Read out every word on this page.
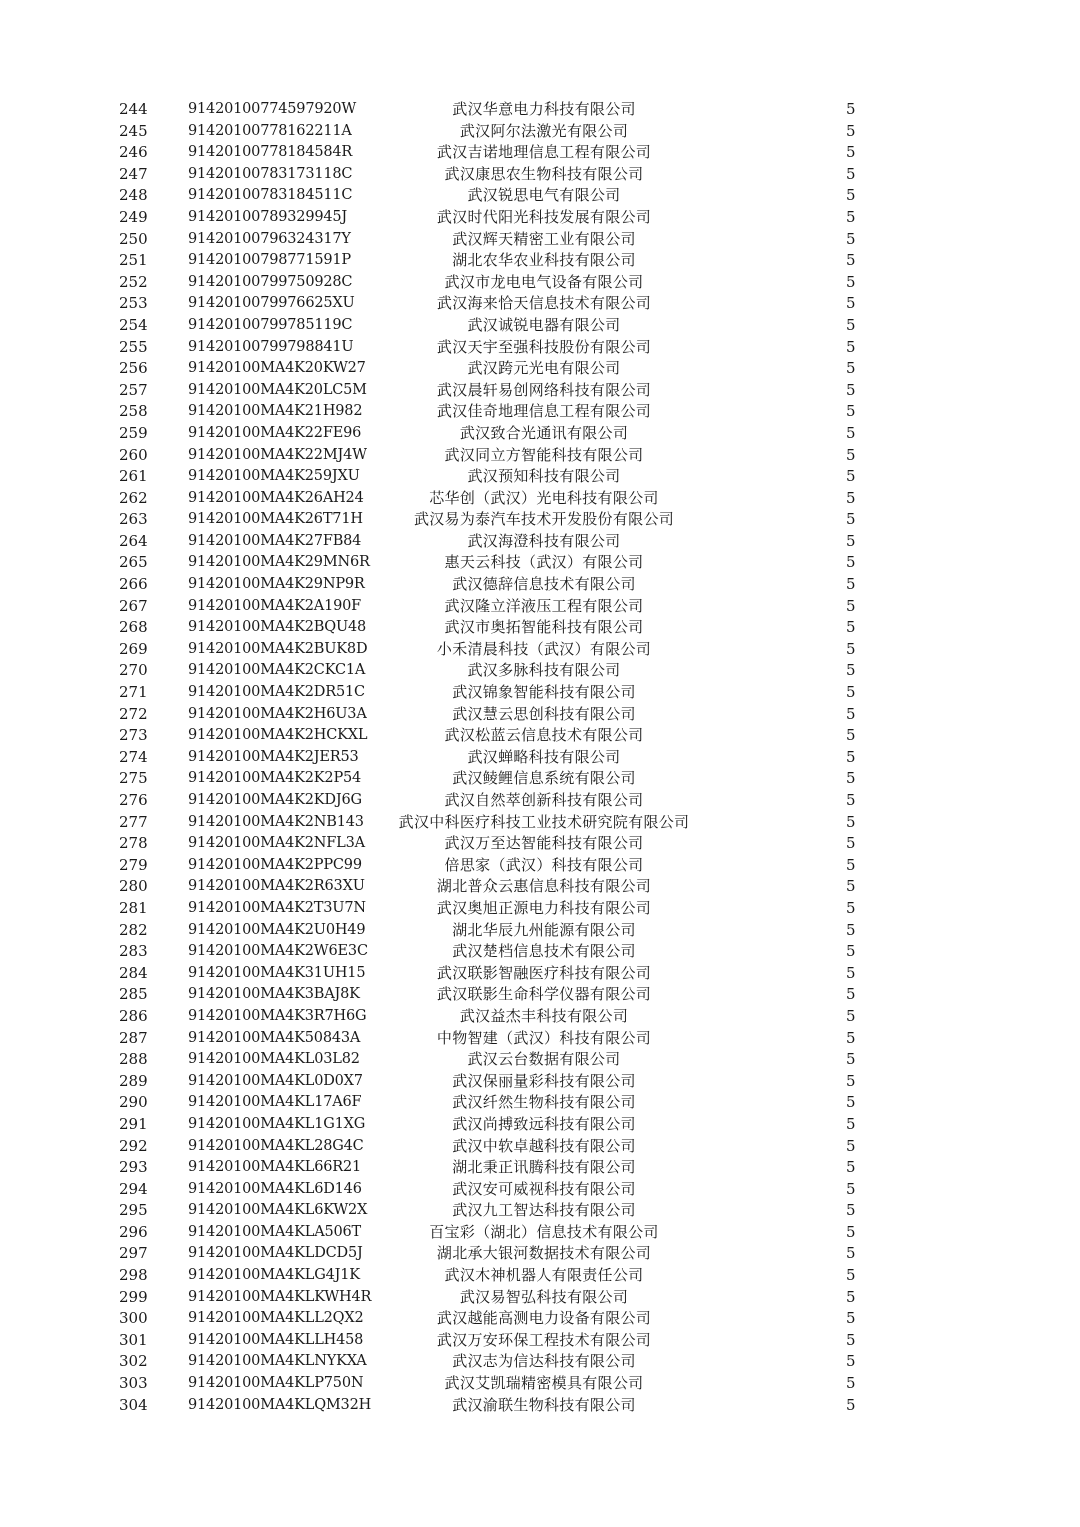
244	91420100774597920W	武汉华意电力科技有限公司	5
245	91420100778162211A	武汉阿尔法激光有限公司	5
246	91420100778184584R	武汉吉诺地理信息工程有限公司	5
247	91420100783173118C	武汉康思农生物科技有限公司	5
248	91420100783184511C	武汉锐思电气有限公司	5
249	91420100789329945J	武汉时代阳光科技发展有限公司	5
250	91420100796324317Y	武汉辉天精密工业有限公司	5
251	91420100798771591P	湖北农华农业科技有限公司	5
252	91420100799750928C	武汉市龙电电气设备有限公司	5
253	9142010079976625XU	武汉海来恰天信息技术有限公司	5
254	91420100799785119C	武汉诚锐电器有限公司	5
255	91420100799798841U	武汉天宇至强科技股份有限公司	5
256	91420100MA4K20KW27	武汉跨元光电有限公司	5
257	91420100MA4K20LC5M	武汉晨轩易创网络科技有限公司	5
258	91420100MA4K21H982	武汉佳奇地理信息工程有限公司	5
259	91420100MA4K22FE96	武汉致合光通讯有限公司	5
260	91420100MA4K22MJ4W	武汉同立方智能科技有限公司	5
261	91420100MA4K259JXU	武汉预知科技有限公司	5
262	91420100MA4K26AH24	芯华创（武汉）光电科技有限公司	5
263	91420100MA4K26T71H	武汉易为泰汽车技术开发股份有限公司	5
264	91420100MA4K27FB84	武汉海澄科技有限公司	5
265	91420100MA4K29MN6R	惠天云科技（武汉）有限公司	5
266	91420100MA4K29NP9R	武汉德辞信息技术有限公司	5
267	91420100MA4K2A190F	武汉隆立洋液压工程有限公司	5
268	91420100MA4K2BQU48	武汉市奥拓智能科技有限公司	5
269	91420100MA4K2BUK8D	小禾清晨科技（武汉）有限公司	5
270	91420100MA4K2CKC1A	武汉多脉科技有限公司	5
271	91420100MA4K2DR51C	武汉锦象智能科技有限公司	5
272	91420100MA4K2H6U3A	武汉慧云思创科技有限公司	5
273	91420100MA4K2HCKXL	武汉松蓝云信息技术有限公司	5
274	91420100MA4K2JER53	武汉蝉略科技有限公司	5
275	91420100MA4K2K2P54	武汉鲮鲤信息系统有限公司	5
276	91420100MA4K2KDJ6G	武汉自然萃创新科技有限公司	5
277	91420100MA4K2NB143	武汉中科医疗科技工业技术研究院有限公司	5
278	91420100MA4K2NFL3A	武汉万至达智能科技有限公司	5
279	91420100MA4K2PPC99	倍思家（武汉）科技有限公司	5
280	91420100MA4K2R63XU	湖北普众云惠信息科技有限公司	5
281	91420100MA4K2T3U7N	武汉奥旭正源电力科技有限公司	5
282	91420100MA4K2U0H49	湖北华辰九州能源有限公司	5
283	91420100MA4K2W6E3C	武汉楚档信息技术有限公司	5
284	91420100MA4K31UH15	武汉联影智融医疗科技有限公司	5
285	91420100MA4K3BAJ8K	武汉联影生命科学仪器有限公司	5
286	91420100MA4K3R7H6G	武汉益杰丰科技有限公司	5
287	91420100MA4K50843A	中物智建（武汉）科技有限公司	5
288	91420100MA4KL03L82	武汉云台数据有限公司	5
289	91420100MA4KL0D0X7	武汉保丽量彩科技有限公司	5
290	91420100MA4KL17A6F	武汉纤然生物科技有限公司	5
291	91420100MA4KL1G1XG	武汉尚搏致远科技有限公司	5
292	91420100MA4KL28G4C	武汉中软卓越科技有限公司	5
293	91420100MA4KL66R21	湖北秉正讯腾科技有限公司	5
294	91420100MA4KL6D146	武汉安可威视科技有限公司	5
295	91420100MA4KL6KW2X	武汉九工智达科技有限公司	5
296	91420100MA4KLA506T	百宝彩（湖北）信息技术有限公司	5
297	91420100MA4KLDCD5J	湖北承大银河数据技术有限公司	5
298	91420100MA4KLG4J1K	武汉木神机器人有限责任公司	5
299	91420100MA4KLKWH4R	武汉易智弘科技有限公司	5
300	91420100MA4KLL2QX2	武汉越能高测电力设备有限公司	5
301	91420100MA4KLLH458	武汉万安环保工程技术有限公司	5
302	91420100MA4KLNYKXA	武汉志为信达科技有限公司	5
303	91420100MA4KLP750N	武汉艾凯瑞精密模具有限公司	5
304	91420100MA4KLQM32H	武汉渝联生物科技有限公司	5
